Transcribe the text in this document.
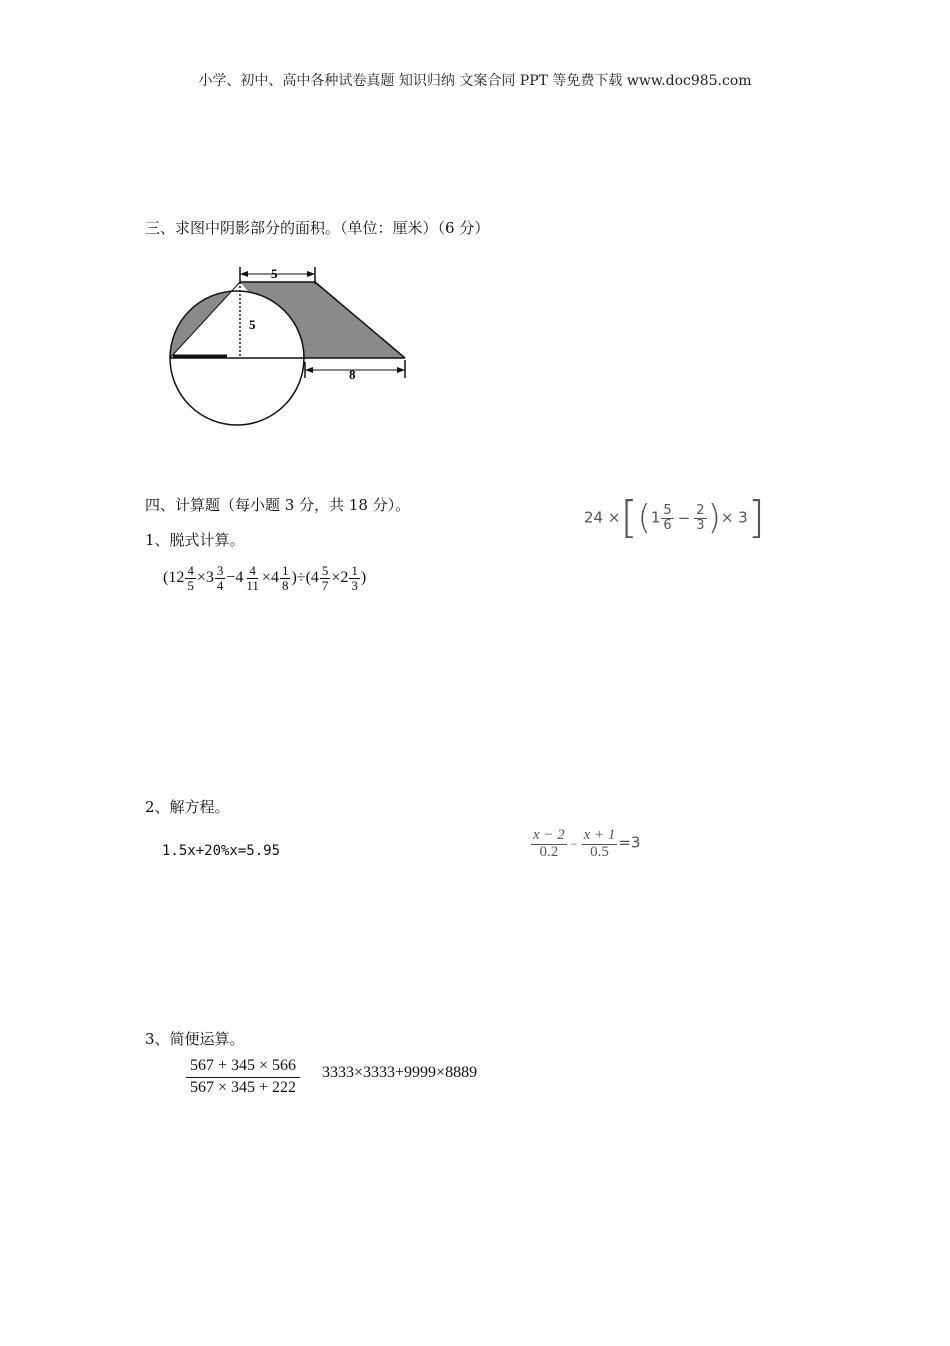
小学、初中、高中各种试卷真题 知识归纳 文案合同 PPT 等免费下载 www.doc985.com
三、求图中阴影部分的面积。（单位：厘米）（6 分）
5
5
8
四、计算题（每小题 3 分，共 18 分）。
1、脱式计算。
$(12 \frac{4}{5} \times 3 \frac{3}{4} -4 \frac{4}{11} \times 4 \frac{1}{8} )\div(4 \frac{5}{7} \times 2 \frac{1}{3}$ )
$24 \times[(1 \frac{5}{6} - \frac{2}{3}$ )× 3]
2、解方程。
1.5x+20%x=5.95	$\frac{x - 2}{0.2} - \frac{x + 1}{0.5} =3$
3、简便运算。
$\frac{567 + 345 \times 566}{567 \times 345 + 222} 3333\times 3333+9999\times 8889$
